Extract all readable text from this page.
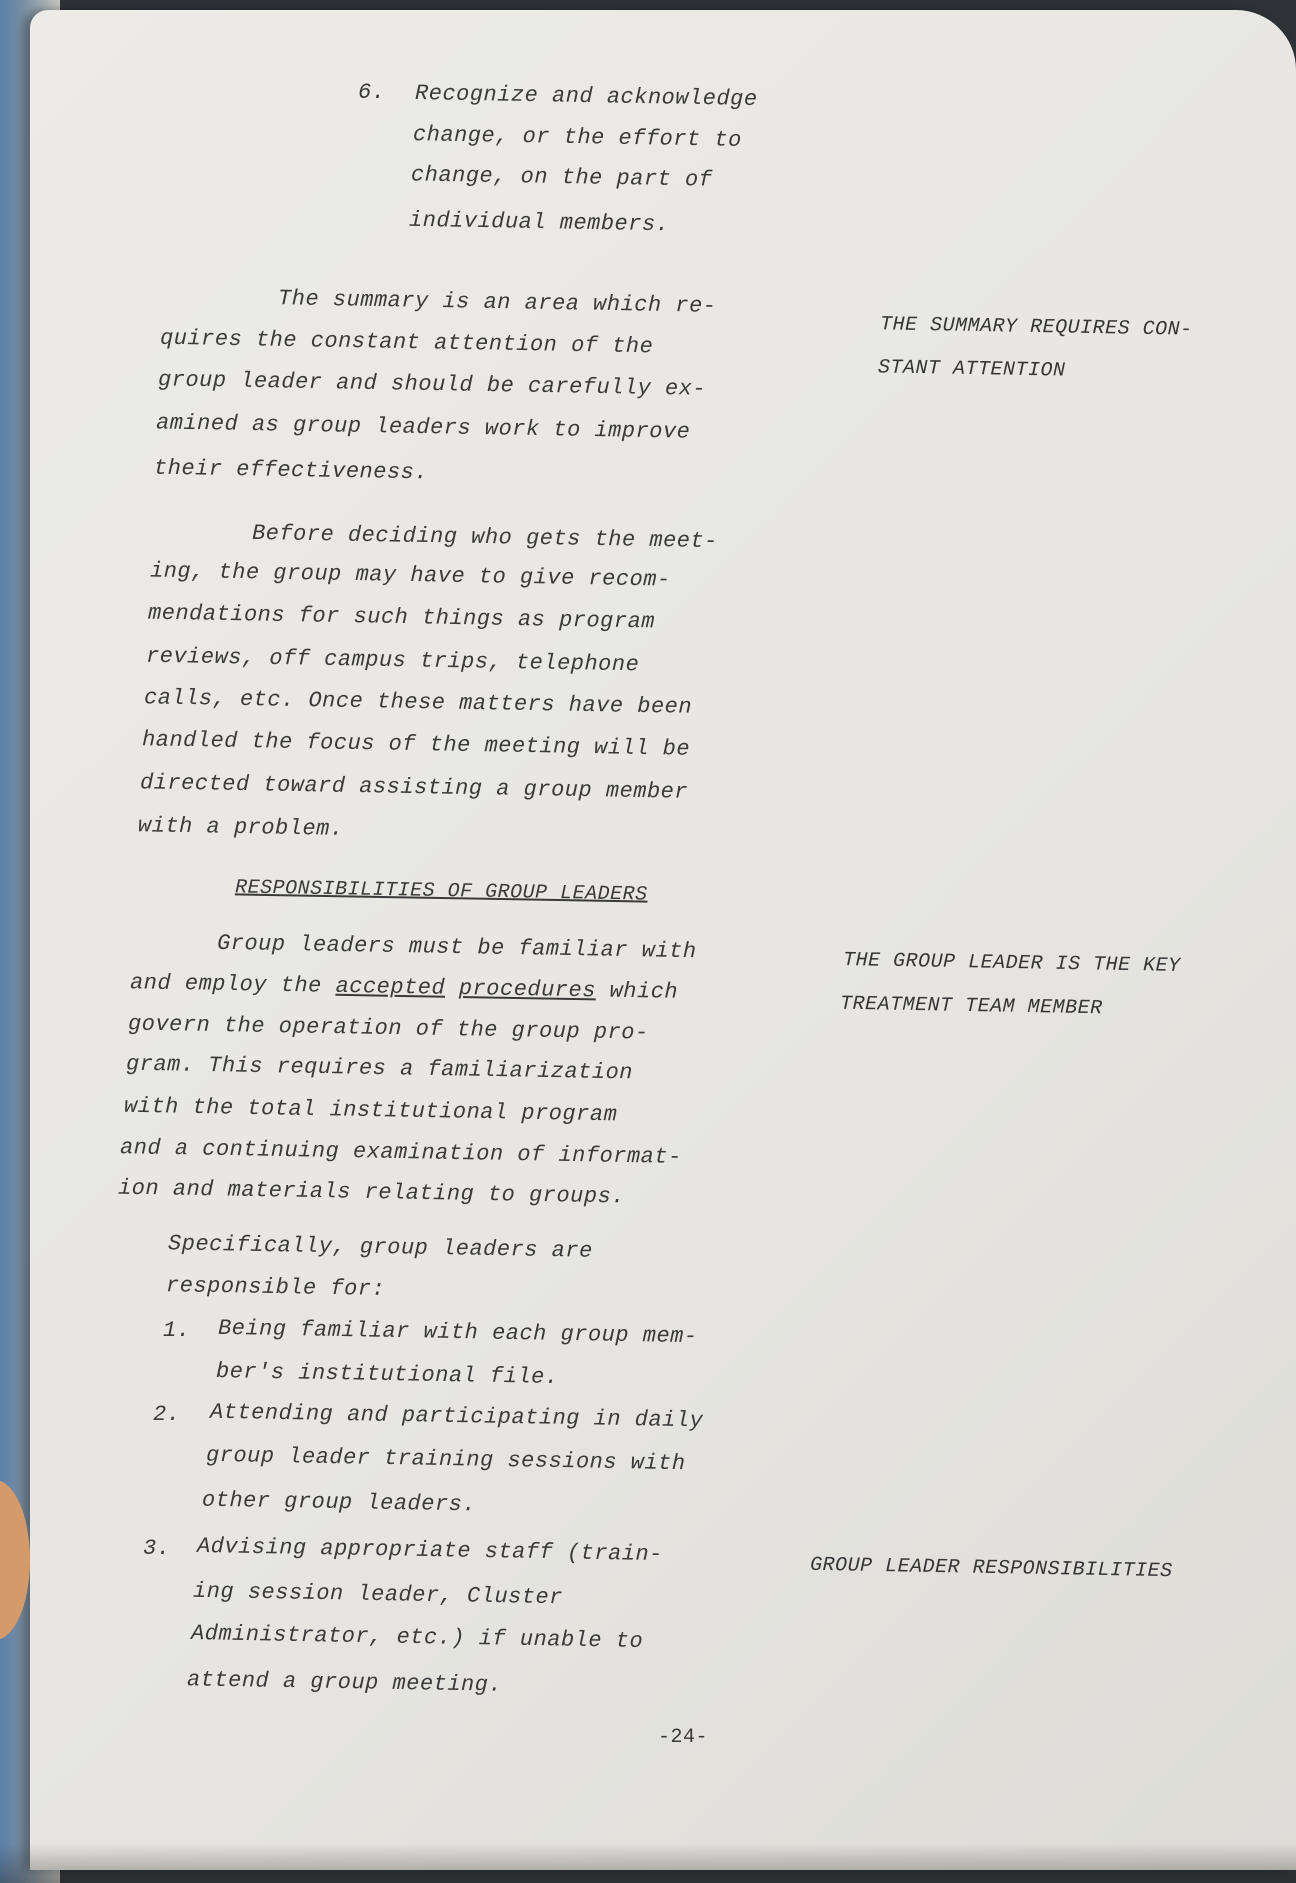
6. Recognize and acknowledge
change, or the effort to
change, on the part of
individual members.
The summary is an area which re-
quires the constant attention of the
group leader and should be carefully ex-
amined as group leaders work to improve
their effectiveness.
Before deciding who gets the meet-
ing, the group may have to give recom-
mendations for such things as program
reviews, off campus trips, telephone
calls, etc. Once these matters have been
handled the focus of the meeting will be
directed toward assisting a group member
with a problem.
RESPONSIBILITIES OF GROUP LEADERS
Group leaders must be familiar with
and employ the accepted procedures which
govern the operation of the group pro-
gram. This requires a familiarization
with the total institutional program
and a continuing examination of informat-
ion and materials relating to groups.
Specifically, group leaders are
responsible for:
1. Being familiar with each group mem-
ber's institutional file.
2. Attending and participating in daily
group leader training sessions with
other group leaders.
3. Advising appropriate staff (train-
ing session leader, Cluster
Administrator, etc.) if unable to
attend a group meeting.
THE SUMMARY REQUIRES CON-
STANT ATTENTION
THE GROUP LEADER IS THE KEY
TREATMENT TEAM MEMBER
GROUP LEADER RESPONSIBILITIES
-24-
